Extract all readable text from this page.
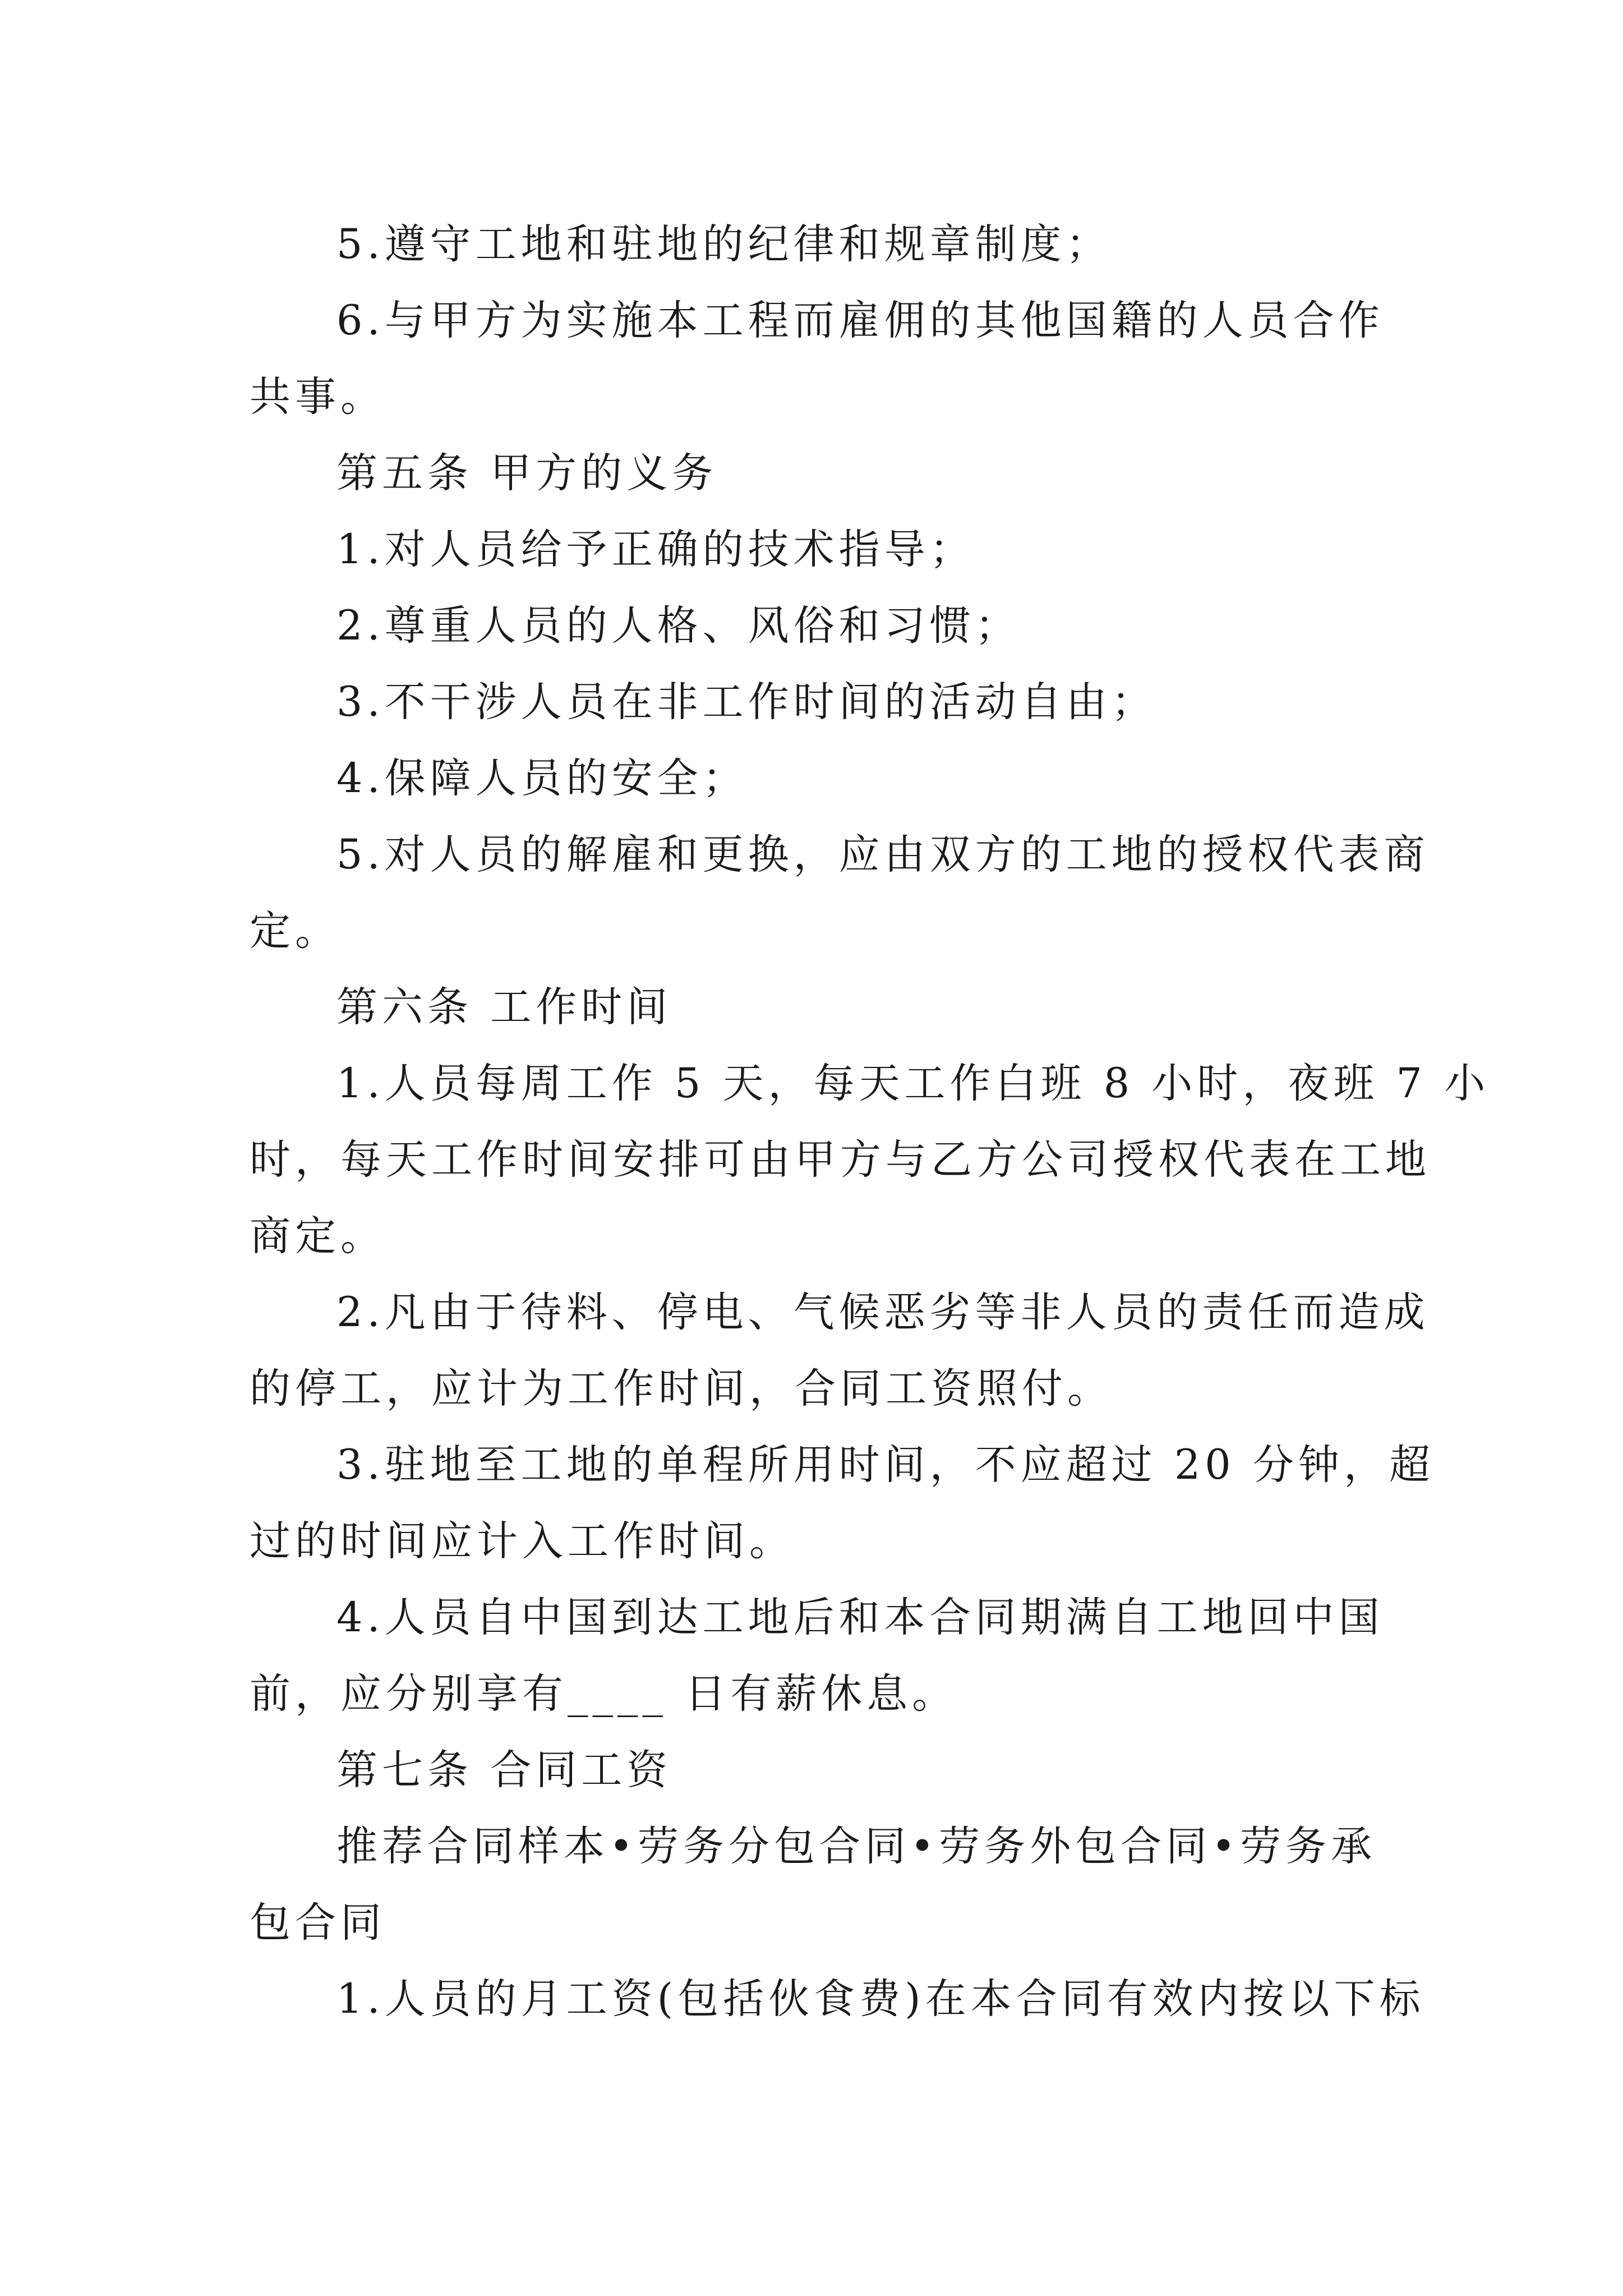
5.遵守工地和驻地的纪律和规章制度；
6.与甲方为实施本工程而雇佣的其他国籍的人员合作
共事。
第五条 甲方的义务
1.对人员给予正确的技术指导；
2.尊重人员的人格、风俗和习惯；
3.不干涉人员在非工作时间的活动自由；
4.保障人员的安全；
5.对人员的解雇和更换，应由双方的工地的授权代表商
定。
第六条 工作时间
1.人员每周工作 5 天，每天工作白班 8 小时，夜班 7 小
时，每天工作时间安排可由甲方与乙方公司授权代表在工地
商定。
2.凡由于待料、停电、气候恶劣等非人员的责任而造成
的停工，应计为工作时间，合同工资照付。
3.驻地至工地的单程所用时间，不应超过 20 分钟，超
过的时间应计入工作时间。
4.人员自中国到达工地后和本合同期满自工地回中国
前，应分别享有____ 日有薪休息。
第七条 合同工资
推荐合同样本•劳务分包合同•劳务外包合同•劳务承
包合同
1.人员的月工资(包括伙食费)在本合同有效内按以下标
